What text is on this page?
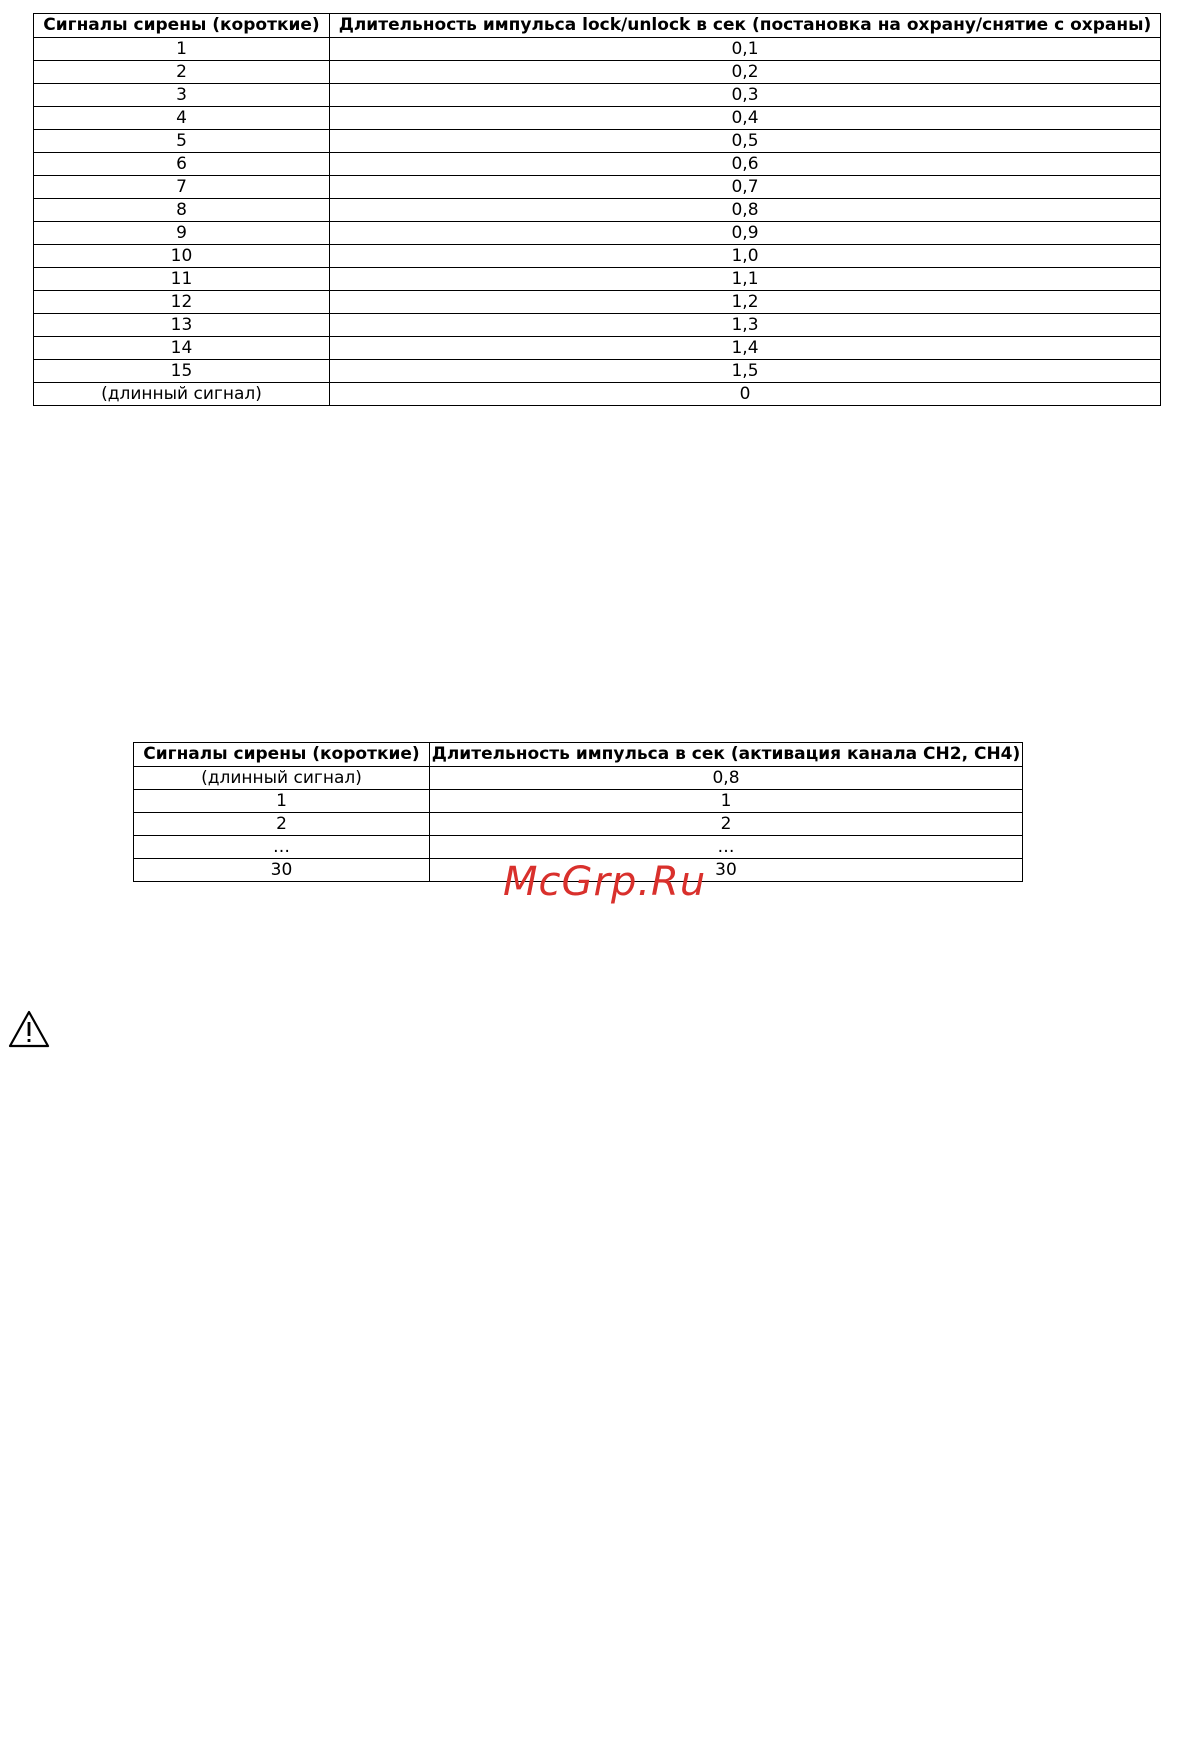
Сигналы сирены (короткие)	Длительность импульса lock/unlock в сек (постановка на охрану/снятие с охраны)
1	0,1
2	0,2
3	0,3
4	0,4
5	0,5
6	0,6
7	0,7
8	0,8
9	0,9
10	1,0
11	1,1
12	1,2
13	1,3
14	1,4
15	1,5
(длинный сигнал)	0
Сигналы сирены (короткие)	Длительность импульса в сек (активация канала CH2, CH4)
(длинный сигнал)	0,8
1	1
2	2
…	…
30	30
McGrp.Ru
